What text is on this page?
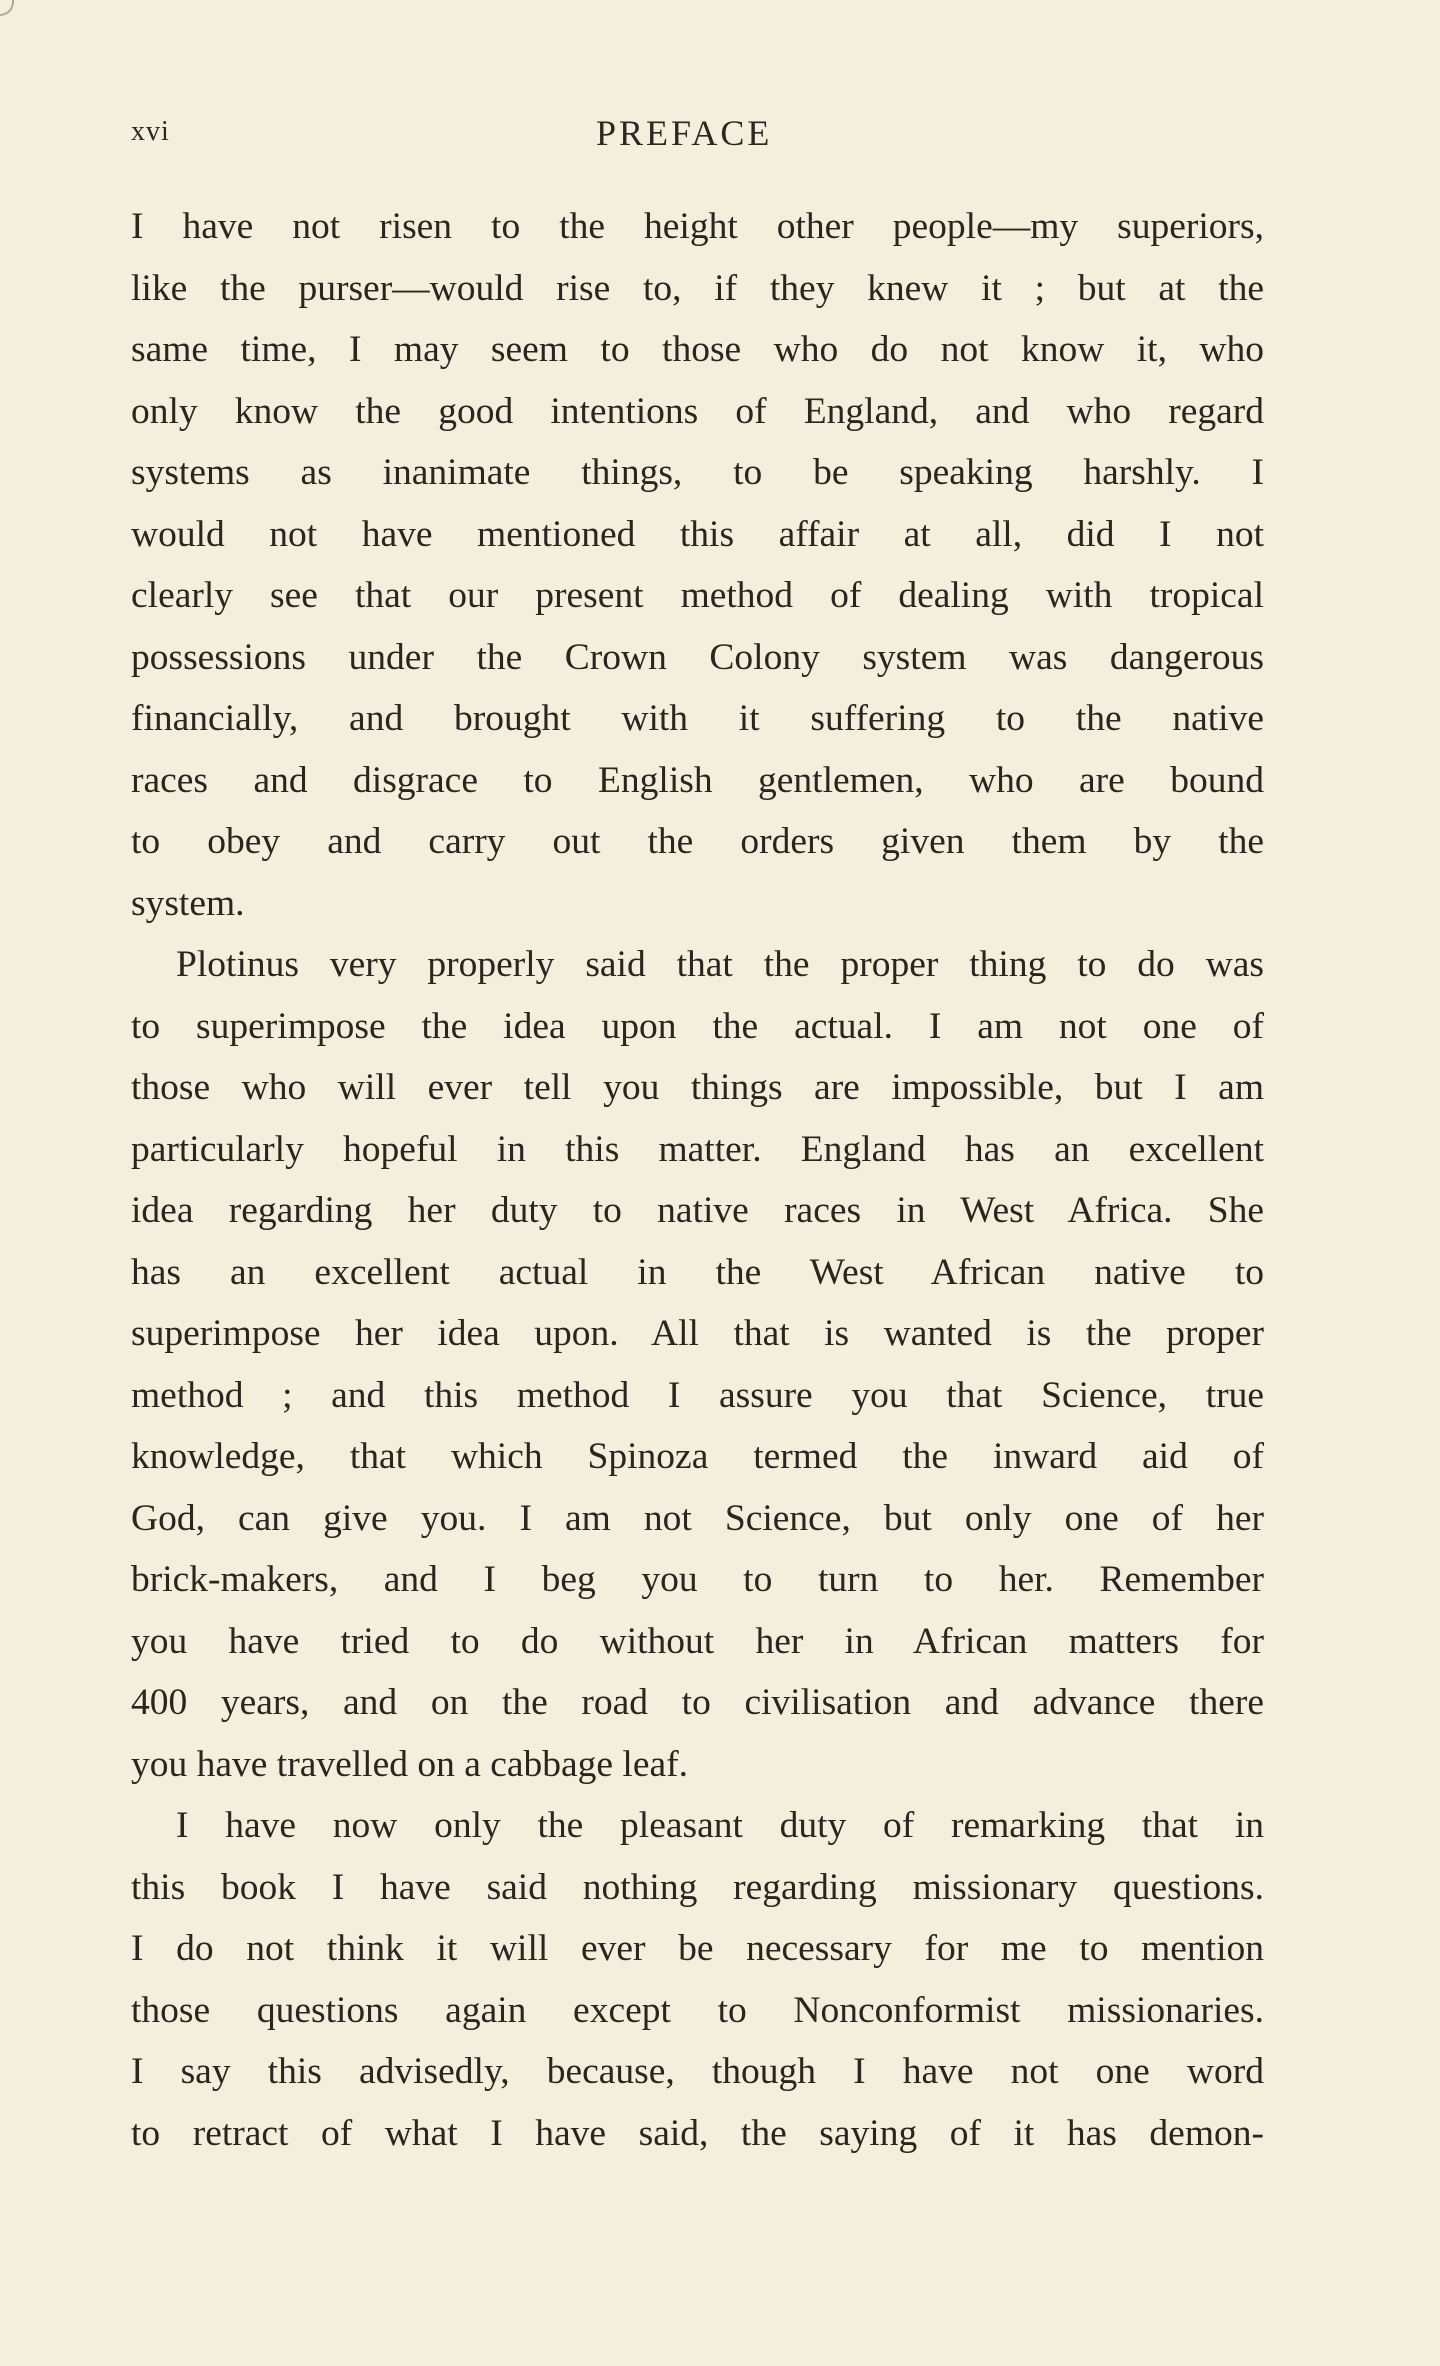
xvi	PREFACE
I have not risen to the height other people—my superiors,
like the purser—would rise to, if they knew it ; but at the
same time, I may seem to those who do not know it, who
only know the good intentions of England, and who regard
systems as inanimate things, to be speaking harshly. I
would not have mentioned this affair at all, did I not
clearly see that our present method of dealing with tropical
possessions under the Crown Colony system was dangerous
financially, and brought with it suffering to the native
races and disgrace to English gentlemen, who are bound
to obey and carry out the orders given them by the
system.
Plotinus very properly said that the proper thing to do was
to superimpose the idea upon the actual. I am not one of
those who will ever tell you things are impossible, but I am
particularly hopeful in this matter. England has an excellent
idea regarding her duty to native races in West Africa. She
has an excellent actual in the West African native to
superimpose her idea upon. All that is wanted is the proper
method ; and this method I assure you that Science, true
knowledge, that which Spinoza termed the inward aid of
God, can give you. I am not Science, but only one of her
brick-makers, and I beg you to turn to her. Remember
you have tried to do without her in African matters for
400 years, and on the road to civilisation and advance there
you have travelled on a cabbage leaf.
I have now only the pleasant duty of remarking that in
this book I have said nothing regarding missionary questions.
I do not think it will ever be necessary for me to mention
those questions again except to Nonconformist missionaries.
I say this advisedly, because, though I have not one word
to retract of what I have said, the saying of it has demon-
